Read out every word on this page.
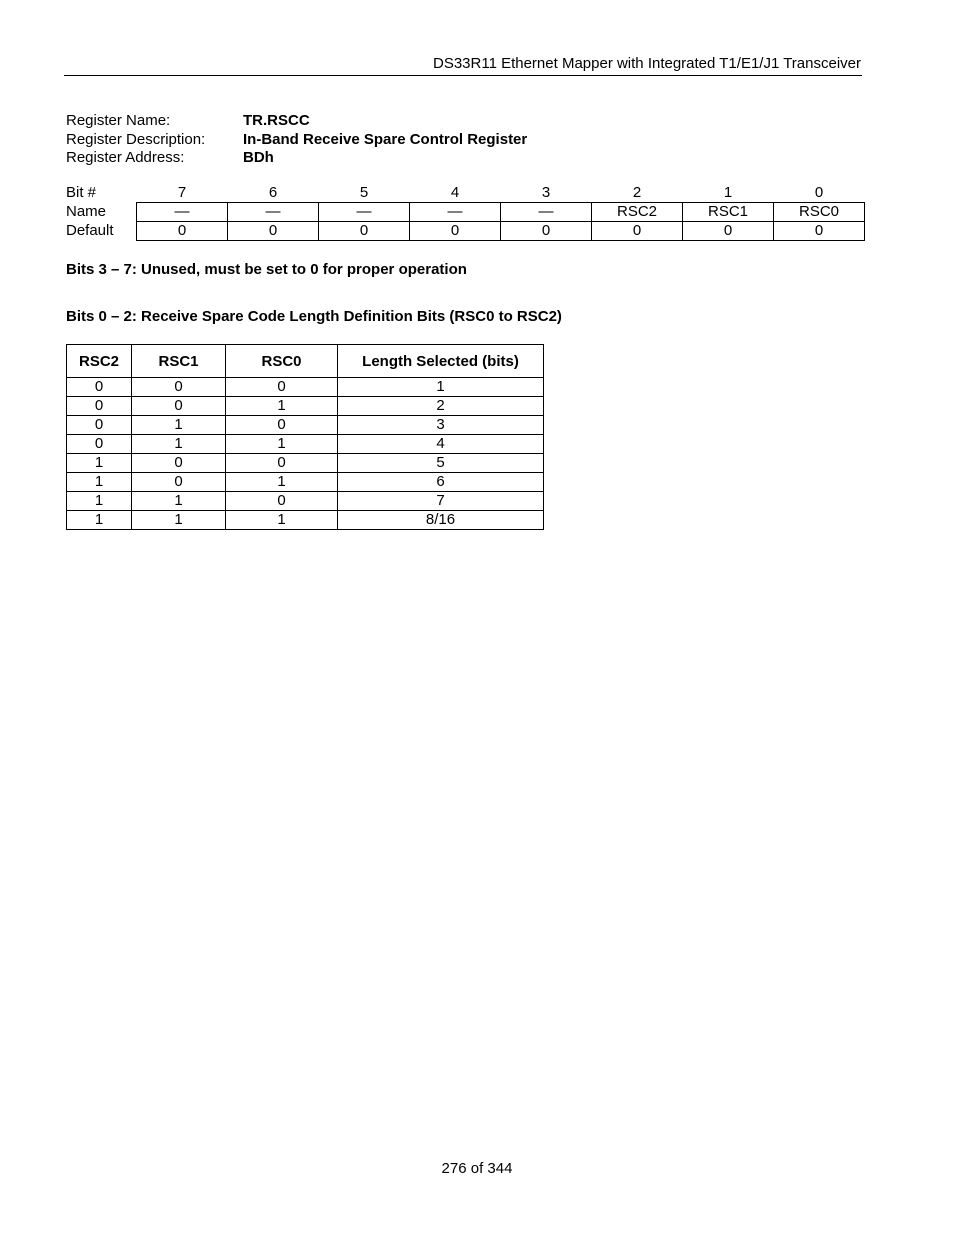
DS33R11 Ethernet Mapper with Integrated T1/E1/J1 Transceiver
Register Name:	TR.RSCC
Register Description:	In-Band Receive Spare Control Register
Register Address:	BDh
Bit #	7	6	5	4	3	2	1	0
Name	—	—	—	—	—	RSC2	RSC1	RSC0
Default	0	0	0	0	0	0	0	0
Bits 3 – 7: Unused, must be set to 0 for proper operation
Bits 0 – 2: Receive Spare Code Length Definition Bits (RSC0 to RSC2)
RSC2	RSC1	RSC0	Length Selected (bits)
0	0	0	1
0	0	1	2
0	1	0	3
0	1	1	4
1	0	0	5
1	0	1	6
1	1	0	7
1	1	1	8/16
276 of 344
